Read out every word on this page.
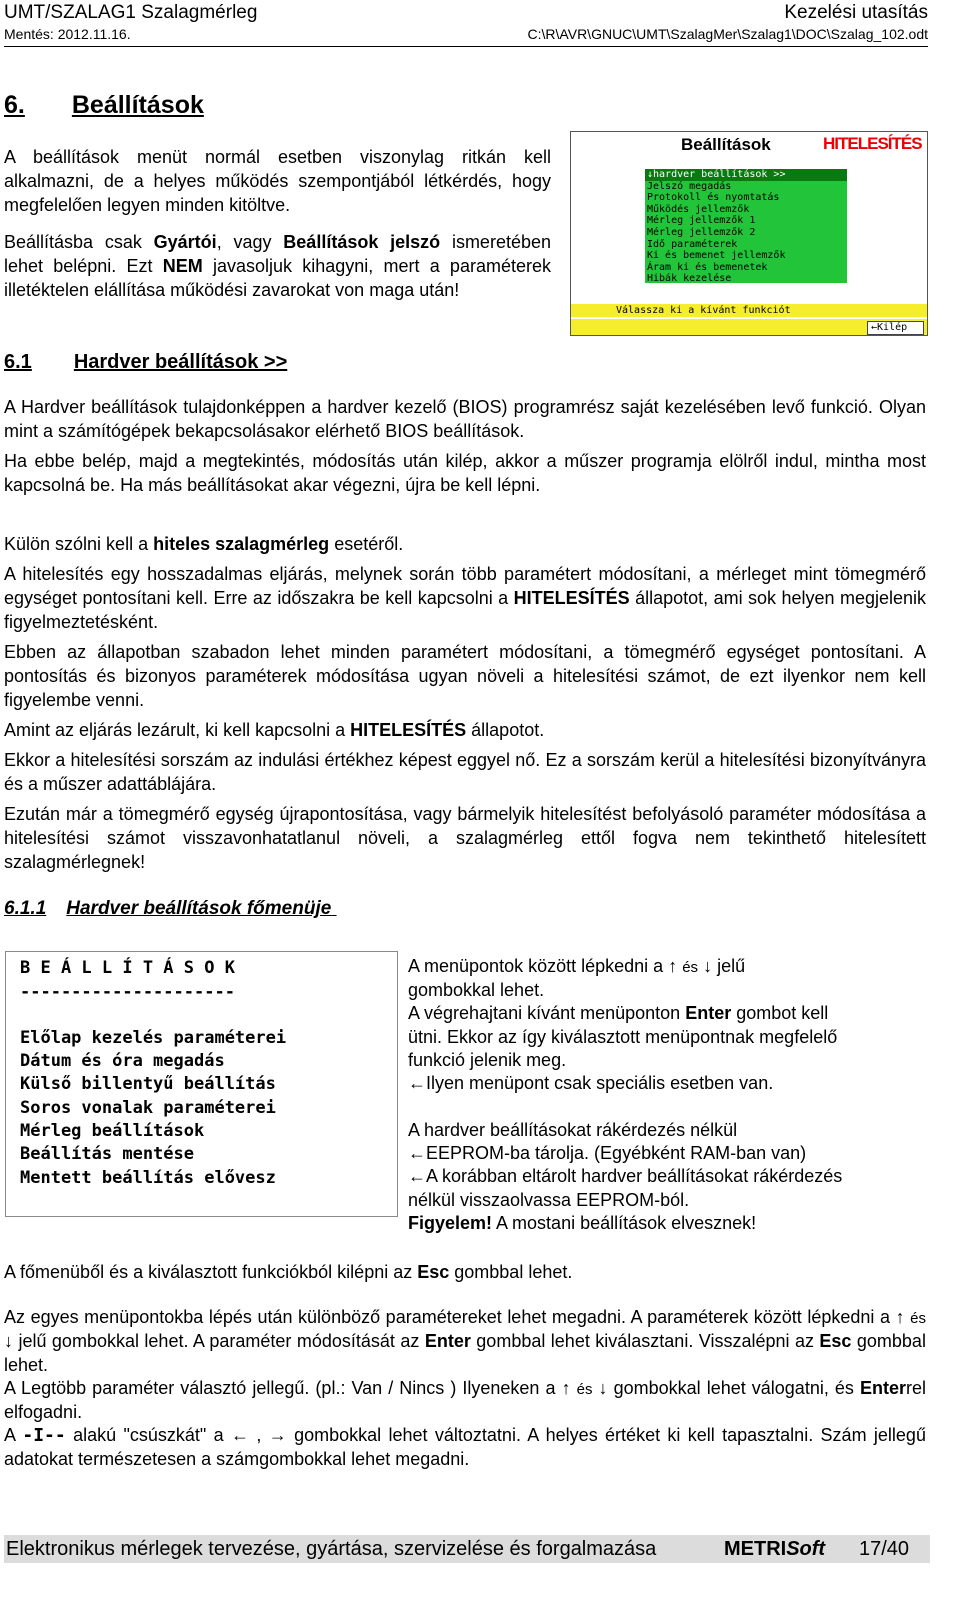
UMT/SZALAG1 Szalagmérleg	Kezelési utasítás
Mentés: 2012.11.16.	C:\R\AVR\GNUC\UMT\SzalagMer\Szalag1\DOC\Szalag_102.odt
6. Beállítások

A beállítások menüt normál esetben viszonylag ritkán kell alkalmazni, de a helyes működés szempontjából létkérdés, hogy megfelelően legyen minden kitöltve.

Beállításba csak Gyártói, vagy Beállítások jelszó ismeretében lehet belépni. Ezt NEM javasoljuk kihagyni, mert a paraméterek illetéktelen elállítása működési zavarokat von maga után!

Beállítások	HITELESÍTÉS
↓hardver beállítások >>
Jelszó megadás
Protokoll és nyomtatás
Működés jellemzők
Mérleg jellemzők 1
Mérleg jellemzők 2
Idő paraméterek
Ki és bemenet jellemzők
Áram ki és bemenetek
Hibák kezelése
Válassza ki a kívánt funkciót
←Kilép
6.1 Hardver beállítások >>

A Hardver beállítások tulajdonképpen a hardver kezelő (BIOS) programrész saját kezelésében levő funkció. Olyan mint a számítógépek bekapcsolásakor elérhető BIOS beállítások.

Ha ebbe belép, majd a megtekintés, módosítás után kilép, akkor a műszer programja elölről indul, mintha most kapcsolná be. Ha más beállításokat akar végezni, újra be kell lépni.

Külön szólni kell a hiteles szalagmérleg esetéről.

A hitelesítés egy hosszadalmas eljárás, melynek során több paramétert módosítani, a mérleget mint tömegmérő egységet pontosítani kell. Erre az időszakra be kell kapcsolni a HITELESÍTÉS állapotot, ami sok helyen megjelenik figyelmeztetésként.

Ebben az állapotban szabadon lehet minden paramétert módosítani, a tömegmérő egységet pontosítani. A pontosítás és bizonyos paraméterek módosítása ugyan növeli a hitelesítési számot, de ezt ilyenkor nem kell figyelembe venni.

Amint az eljárás lezárult, ki kell kapcsolni a HITELESÍTÉS állapotot.

Ekkor a hitelesítési sorszám az indulási értékhez képest eggyel nő. Ez a sorszám kerül a hitelesítési bizonyítványra és a műszer adattáblájára.

Ezután már a tömegmérő egység újrapontosítása, vagy bármelyik hitelesítést befolyásoló paraméter módosítása a hitelesítési számot visszavonhatatlanul növeli, a szalagmérleg ettől fogva nem tekinthető hitelesített szalagmérlegnek!

6.1.1 Hardver beállítások főmenüje
B E Á L L Í T Á S O K
---------------------
Előlap kezelés paraméterei
Dátum és óra megadás
Külső billentyű beállítás
Soros vonalak paraméterei
Mérleg beállítások
Beállítás mentése
Mentett beállítás elővesz
A menüpontok között lépkedni a ↑ és ↓ jelű
gombokkal lehet.
A végrehajtani kívánt menüponton Enter gombot kell
ütni. Ekkor az így kiválasztott menüpontnak megfelelő
funkció jelenik meg.
←Ilyen menüpont csak speciális esetben van.
A hardver beállításokat rákérdezés nélkül
←EEPROM-ba tárolja. (Egyébként RAM-ban van)
←A korábban eltárolt hardver beállításokat rákérdezés
nélkül visszaolvassa EEPROM-ból.
Figyelem! A mostani beállítások elvesznek!

A főmenüből és a kiválasztott funkciókból kilépni az Esc gombbal lehet.

Az egyes menüpontokba lépés után különböző paramétereket lehet megadni. A paraméterek között lépkedni a ↑ és ↓ jelű gombokkal lehet. A paraméter módosítását az Enter gombbal lehet kiválasztani. Visszalépni az Esc gombbal lehet.
A Legtöbb paraméter választó jellegű. (pl.: Van / Nincs ) Ilyeneken a ↑ és ↓ gombokkal lehet válogatni, és Enterrel elfogadni.
A -I-- alakú "csúszkát" a ← , → gombokkal lehet változtatni. A helyes értéket ki kell tapasztalni. Szám jellegű adatokat természetesen a számgombokkal lehet megadni.

Elektronikus mérlegek tervezése, gyártása, szervizelése és forgalmazása	METRISoft 17/40
